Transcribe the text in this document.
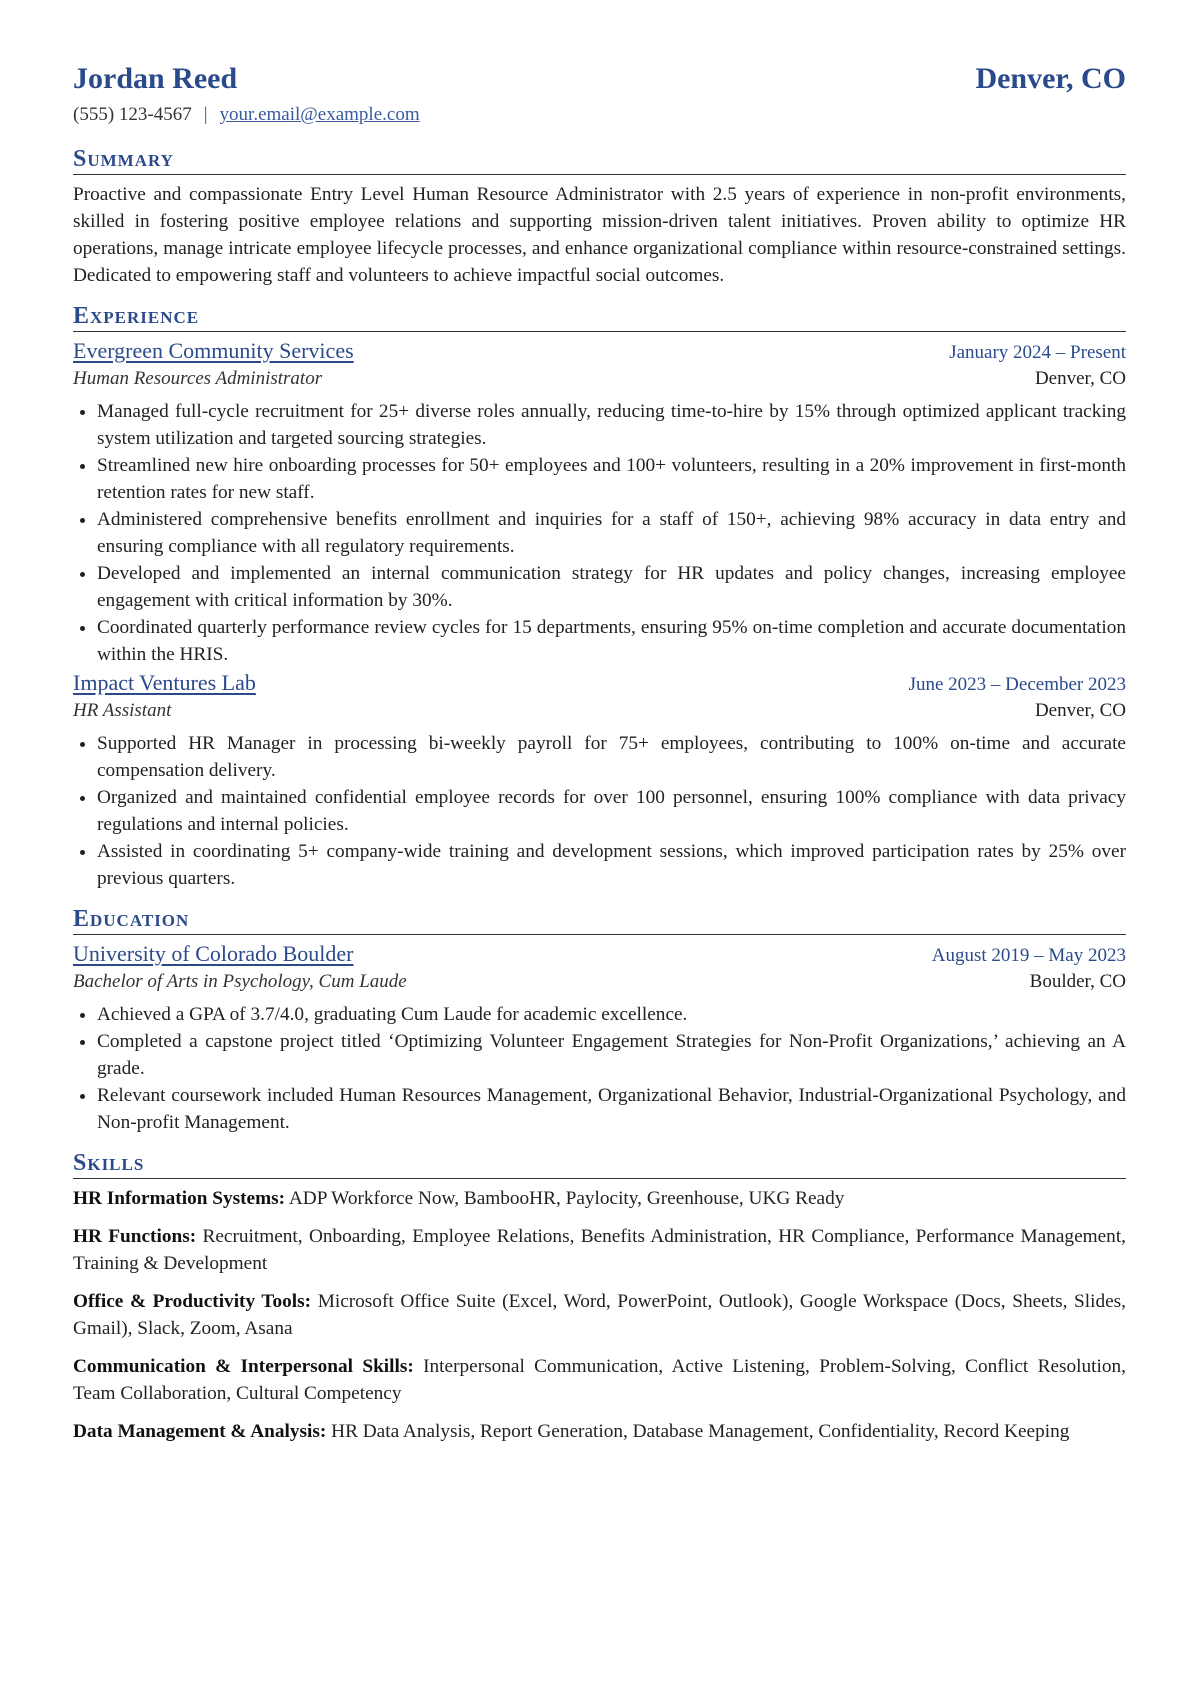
Jordan Reed	Denver, CO
(555) 123-4567 | your.email@example.com
Summary

Proactive and compassionate Entry Level Human Resource Administrator with 2.5 years of experience in non-profit environments, skilled in fostering positive employee relations and supporting mission-driven talent initiatives. Proven ability to optimize HR operations, manage intricate employee lifecycle processes, and enhance organizational compliance within resource-constrained settings. Dedicated to empowering staff and volunteers to achieve impactful social outcomes.

Experience
Evergreen Community Services	January 2024 – Present
Human Resources Administrator	Denver, CO
• Managed full-cycle recruitment for 25+ diverse roles annually, reducing time-to-hire by 15% through optimized applicant tracking system utilization and targeted sourcing strategies.
• Streamlined new hire onboarding processes for 50+ employees and 100+ volunteers, resulting in a 20% improvement in first-month retention rates for new staff.
• Administered comprehensive benefits enrollment and inquiries for a staff of 150+, achieving 98% accuracy in data entry and ensuring compliance with all regulatory requirements.
• Developed and implemented an internal communication strategy for HR updates and policy changes, increasing employee engagement with critical information by 30%.
• Coordinated quarterly performance review cycles for 15 departments, ensuring 95% on-time completion and accurate documentation within the HRIS.
Impact Ventures Lab	June 2023 – December 2023
HR Assistant	Denver, CO
• Supported HR Manager in processing bi-weekly payroll for 75+ employees, contributing to 100% on-time and accurate compensation delivery.
• Organized and maintained confidential employee records for over 100 personnel, ensuring 100% compliance with data privacy regulations and internal policies.
• Assisted in coordinating 5+ company-wide training and development sessions, which improved participation rates by 25% over previous quarters.
Education
University of Colorado Boulder	August 2019 – May 2023
Bachelor of Arts in Psychology, Cum Laude	Boulder, CO
• Achieved a GPA of 3.7/4.0, graduating Cum Laude for academic excellence.
• Completed a capstone project titled ‘Optimizing Volunteer Engagement Strategies for Non-Profit Organizations,’ achieving an A grade.
• Relevant coursework included Human Resources Management, Organizational Behavior, Industrial-Organizational Psychology, and Non-profit Management.
Skills

HR Information Systems: ADP Workforce Now, BambooHR, Paylocity, Greenhouse, UKG Ready

HR Functions: Recruitment, Onboarding, Employee Relations, Benefits Administration, HR Compliance, Performance Management, Training & Development

Office & Productivity Tools: Microsoft Office Suite (Excel, Word, PowerPoint, Outlook), Google Workspace (Docs, Sheets, Slides, Gmail), Slack, Zoom, Asana

Communication & Interpersonal Skills: Interpersonal Communication, Active Listening, Problem-Solving, Conflict Resolution, Team Collaboration, Cultural Competency

Data Management & Analysis: HR Data Analysis, Report Generation, Database Management, Confidentiality, Record Keeping
